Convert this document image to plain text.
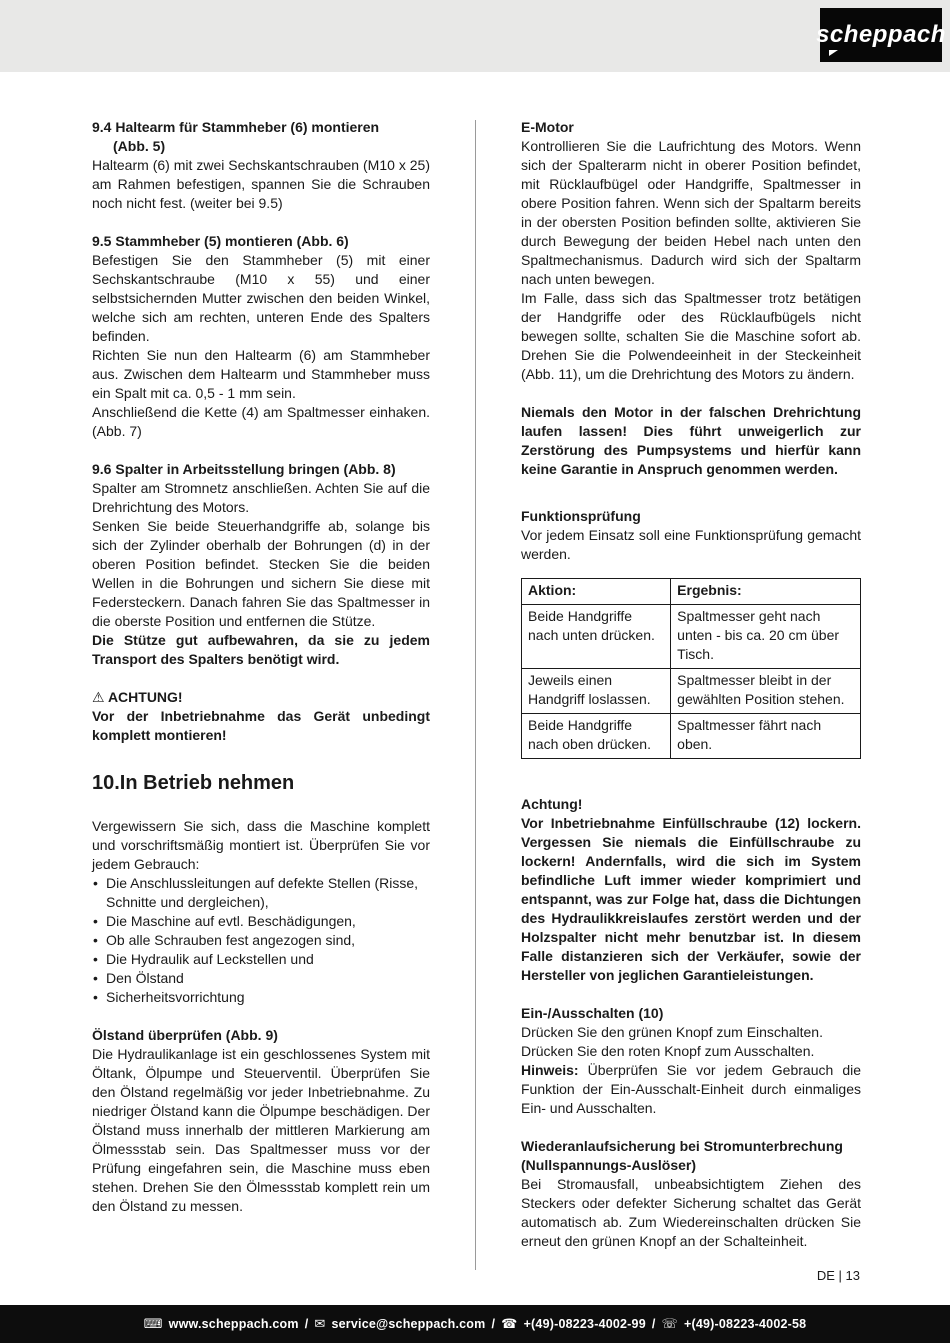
scheppach
9.4 Haltearm für Stammheber (6) montieren
(Abb. 5)

Haltearm (6) mit zwei Sechskantschrauben (M10 x 25) am Rahmen befestigen, spannen Sie die Schrauben noch nicht fest. (weiter bei 9.5)

9.5 Stammheber (5) montieren (Abb. 6)

Befestigen Sie den Stammheber (5) mit einer Sechskantschraube (M10 x 55) und einer selbstsichernden Mutter zwischen den beiden Winkel, welche sich am rechten, unteren Ende des Spalters befinden.

Richten Sie nun den Haltearm (6) am Stammheber aus. Zwischen dem Haltearm und Stammheber muss ein Spalt mit ca. 0,5 - 1 mm sein.

Anschließend die Kette (4) am Spaltmesser einhaken. (Abb. 7)

9.6 Spalter in Arbeitsstellung bringen (Abb. 8)

Spalter am Stromnetz anschließen. Achten Sie auf die Drehrichtung des Motors.

Senken Sie beide Steuerhandgriffe ab, solange bis sich der Zylinder oberhalb der Bohrungen (d) in der oberen Position befindet. Stecken Sie die beiden Wellen in die Bohrungen und sichern Sie diese mit Federsteckern. Danach fahren Sie das Spaltmesser in die oberste Position und entfernen die Stütze.

Die Stütze gut aufbewahren, da sie zu jedem Transport des Spalters benötigt wird.

⚠ ACHTUNG!

Vor der Inbetriebnahme das Gerät unbedingt komplett montieren!

10.In Betrieb nehmen

Vergewissern Sie sich, dass die Maschine komplett und vorschriftsmäßig montiert ist. Überprüfen Sie vor jedem Gebrauch:

• Die Anschlussleitungen auf defekte Stellen (Risse, Schnitte und dergleichen),
• Die Maschine auf evtl. Beschädigungen,
• Ob alle Schrauben fest angezogen sind,
• Die Hydraulik auf Leckstellen und
• Den Ölstand
• Sicherheitsvorrichtung
Ölstand überprüfen (Abb. 9)

Die Hydraulikanlage ist ein geschlossenes System mit Öltank, Ölpumpe und Steuerventil. Überprüfen Sie den Ölstand regelmäßig vor jeder Inbetriebnahme. Zu niedriger Ölstand kann die Ölpumpe beschädigen. Der Ölstand muss innerhalb der mittleren Markierung am Ölmessstab sein. Das Spaltmesser muss vor der Prüfung eingefahren sein, die Maschine muss eben stehen. Drehen Sie den Ölmessstab komplett rein um den Ölstand zu messen.

E-Motor

Kontrollieren Sie die Laufrichtung des Motors. Wenn sich der Spalterarm nicht in oberer Position befindet, mit Rücklaufbügel oder Handgriffe, Spaltmesser in obere Position fahren. Wenn sich der Spaltarm bereits in der obersten Position befinden sollte, aktivieren Sie durch Bewegung der beiden Hebel nach unten den Spaltmechanismus. Dadurch wird sich der Spaltarm nach unten bewegen.

Im Falle, dass sich das Spaltmesser trotz betätigen der Handgriffe oder des Rücklaufbügels nicht bewegen sollte, schalten Sie die Maschine sofort ab. Drehen Sie die Polwendeeinheit in der Steckeinheit (Abb. 11), um die Drehrichtung des Motors zu ändern.

Niemals den Motor in der falschen Drehrichtung laufen lassen! Dies führt unweigerlich zur Zerstörung des Pumpsystems und hierfür kann keine Garantie in Anspruch genommen werden.

Funktionsprüfung

Vor jedem Einsatz soll eine Funktionsprüfung gemacht werden.

Aktion:	Ergebnis:
Beide Handgriffe nach unten drücken.	Spaltmesser geht nach unten - bis ca. 20 cm über Tisch.
Jeweils einen Handgriff loslassen.	Spaltmesser bleibt in der gewählten Position stehen.
Beide Handgriffe nach oben drücken.	Spaltmesser fährt nach oben.
Achtung!

Vor Inbetriebnahme Einfüllschraube (12) lockern. Vergessen Sie niemals die Einfüllschraube zu lockern! Andernfalls, wird die sich im System befindliche Luft immer wieder komprimiert und entspannt, was zur Folge hat, dass die Dichtungen des Hydraulikkreislaufes zerstört werden und der Holzspalter nicht mehr benutzbar ist. In diesem Falle distanzieren sich der Verkäufer, sowie der Hersteller von jeglichen Garantieleistungen.

Ein-/Ausschalten (10)

Drücken Sie den grünen Knopf zum Einschalten.

Drücken Sie den roten Knopf zum Ausschalten.

Hinweis: Überprüfen Sie vor jedem Gebrauch die Funktion der Ein-Ausschalt-Einheit durch einmaliges Ein- und Ausschalten.

Wiederanlaufsicherung bei Stromunterbrechung
(Nullspannungs-Auslöser)

Bei Stromausfall, unbeabsichtigtem Ziehen des Steckers oder defekter Sicherung schaltet das Gerät automatisch ab. Zum Wiedereinschalten drücken Sie erneut den grünen Knopf an der Schalteinheit.

DE | 13
⌨ www.scheppach.com / ✉ service@scheppach.com / ☎ +(49)-08223-4002-99 / ☏ +(49)-08223-4002-58
